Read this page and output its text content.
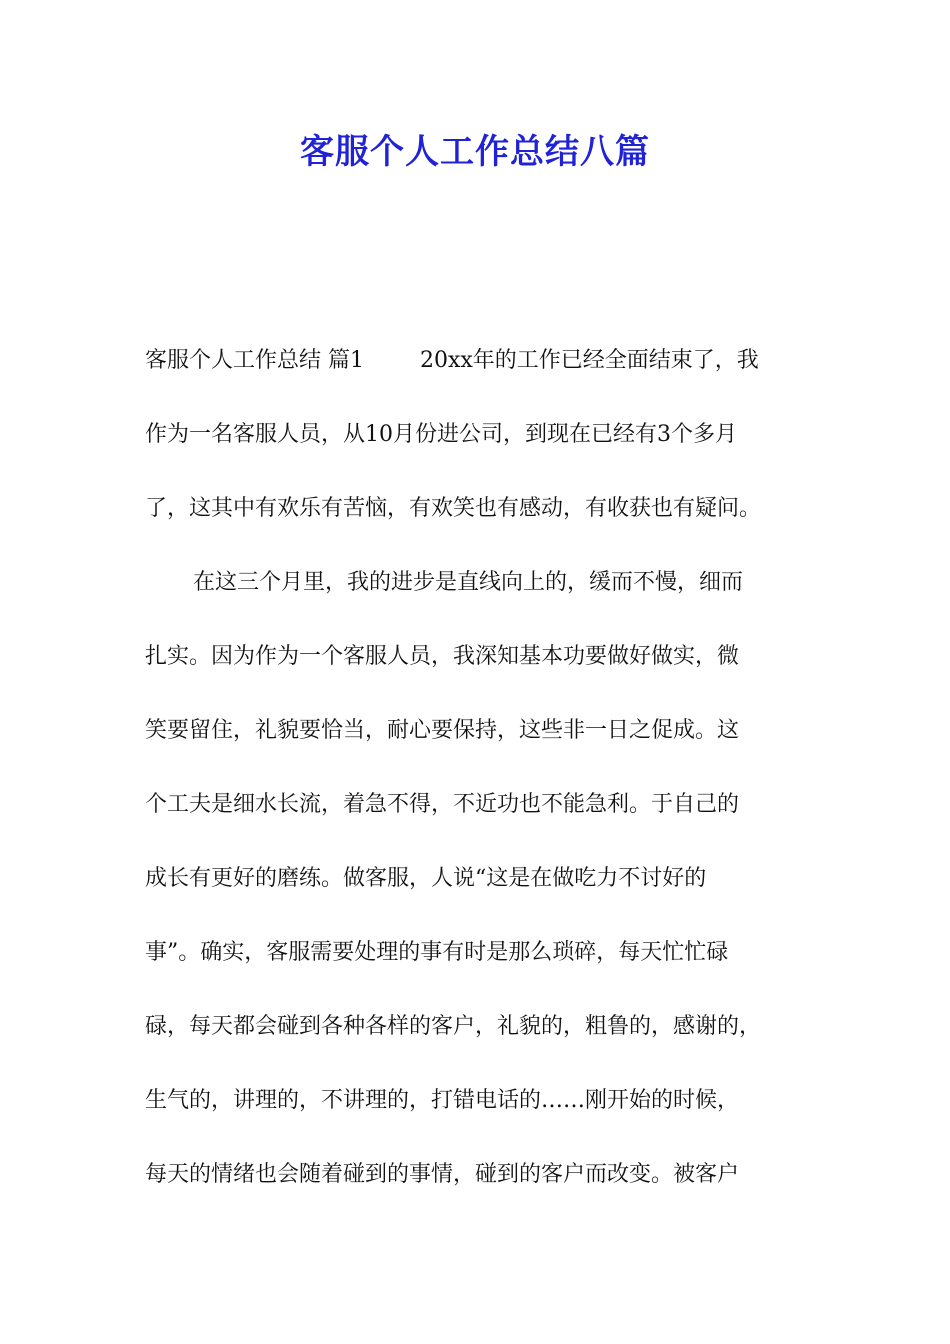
客服个人工作总结八篇
客服个人工作总结 篇1	20xx年的工作已经全面结束了，我
作为一名客服人员，从10月份进公司，到现在已经有3个多月
了，这其中有欢乐有苦恼，有欢笑也有感动，有收获也有疑问。
在这三个月里，我的进步是直线向上的，缓而不慢，细而
扎实。因为作为一个客服人员，我深知基本功要做好做实，微
笑要留住，礼貌要恰当，耐心要保持，这些非一日之促成。这
个工夫是细水长流，着急不得，不近功也不能急利。于自己的
成长有更好的磨练。做客服，人说“这是在做吃力不讨好的
事”。确实，客服需要处理的事有时是那么琐碎，每天忙忙碌
碌，每天都会碰到各种各样的客户，礼貌的，粗鲁的，感谢的，
生气的，讲理的，不讲理的，打错电话的……刚开始的时候，
每天的情绪也会随着碰到的事情，碰到的客户而改变。被客户
